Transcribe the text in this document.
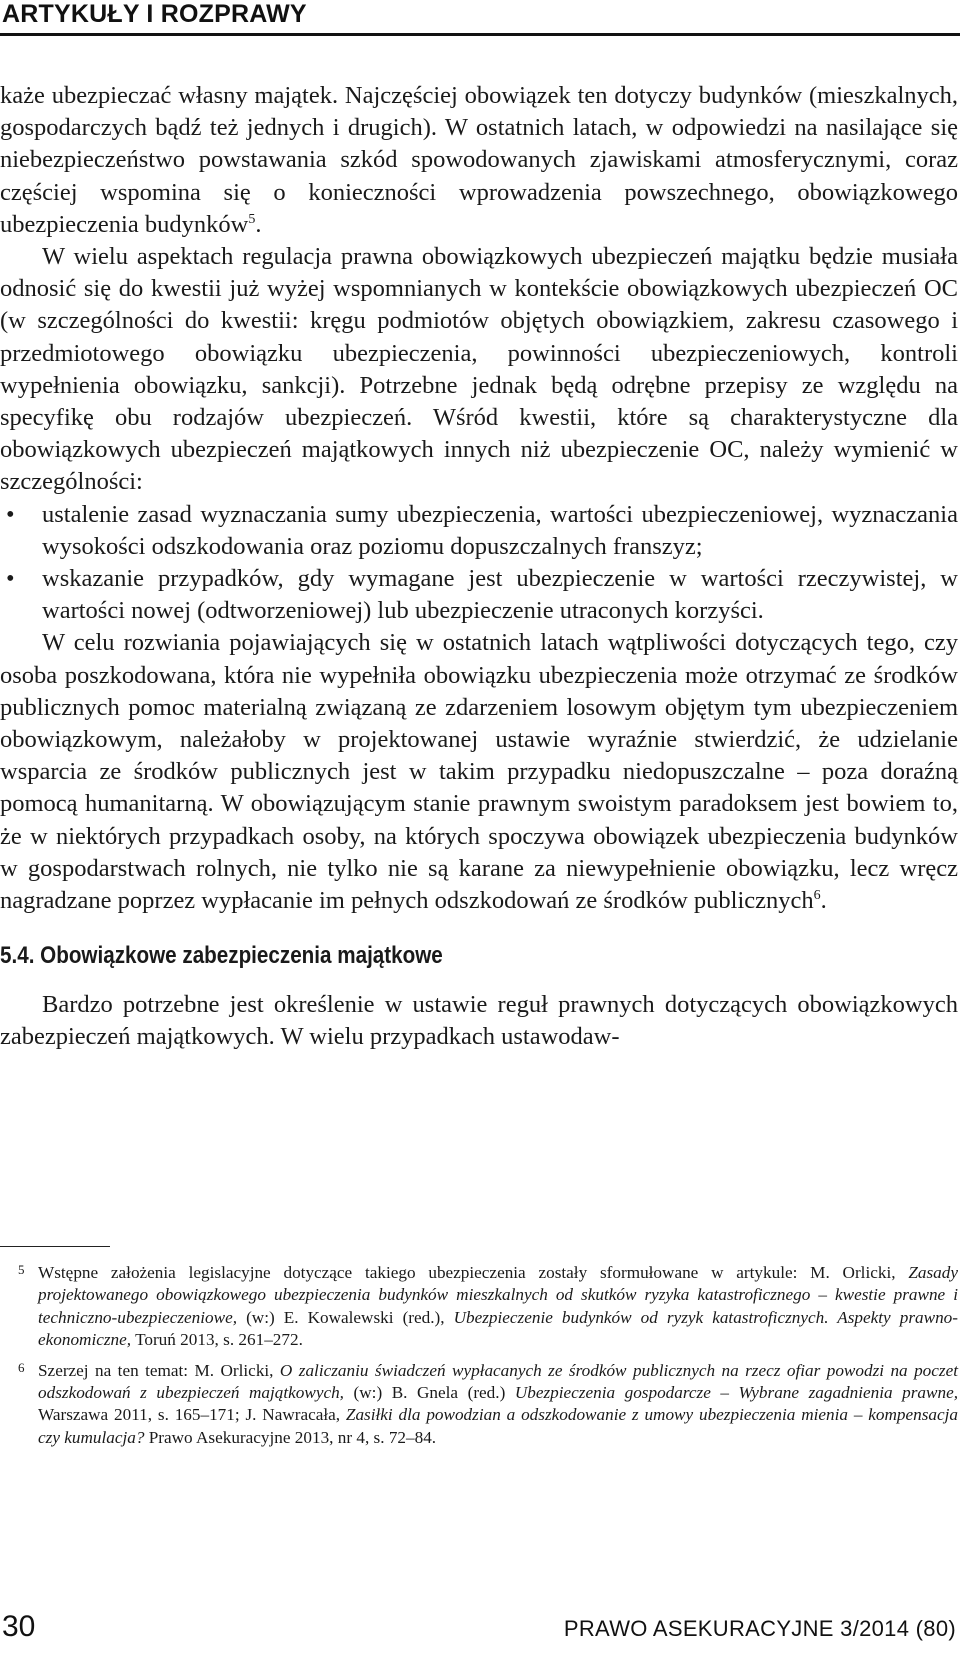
ARTYKUŁY I ROZPRAWY

każe ubezpieczać własny majątek. Najczęściej obowiązek ten dotyczy budynków (mieszkalnych, gospodarczych bądź też jednych i drugich). W ostatnich latach, w odpowiedzi na nasilające się niebezpieczeństwo powstawania szkód spowodowanych zjawiskami atmosferycznymi, coraz częściej wspomina się o konieczności wprowadzenia powszechnego, obowiązkowego ubezpieczenia budynków$^5$.

W wielu aspektach regulacja prawna obowiązkowych ubezpieczeń majątku będzie musiała odnosić się do kwestii już wyżej wspomnianych w kontekście obowiązkowych ubezpieczeń OC (w szczególności do kwestii: kręgu podmiotów objętych obowiązkiem, zakresu czasowego i przedmiotowego obowiązku ubezpieczenia, powinności ubezpieczeniowych, kontroli wypełnienia obowiązku, sankcji). Potrzebne jednak będą odrębne przepisy ze względu na specyfikę obu rodzajów ubezpieczeń. Wśród kwestii, które są charakterystyczne dla obowiązkowych ubezpieczeń majątkowych innych niż ubezpieczenie OC, należy wymienić w szczególności:

• ustalenie zasad wyznaczania sumy ubezpieczenia, wartości ubezpieczeniowej, wyznaczania wysokości odszkodowania oraz poziomu dopuszczalnych franszyz;
• wskazanie przypadków, gdy wymagane jest ubezpieczenie w wartości rzeczywistej, w wartości nowej (odtworzeniowej) lub ubezpieczenie utraconych korzyści.

W celu rozwiania pojawiających się w ostatnich latach wątpliwości dotyczących tego, czy osoba poszkodowana, która nie wypełniła obowiązku ubezpieczenia może otrzymać ze środków publicznych pomoc materialną związaną ze zdarzeniem losowym objętym tym ubezpieczeniem obowiązkowym, należałoby w projektowanej ustawie wyraźnie stwierdzić, że udzielanie wsparcia ze środków publicznych jest w takim przypadku niedopuszczalne – poza doraźną pomocą humanitarną. W obowiązującym stanie prawnym swoistym paradoksem jest bowiem to, że w niektórych przypadkach osoby, na których spoczywa obowiązek ubezpieczenia budynków w gospodarstwach rolnych, nie tylko nie są karane za niewypełnienie obowiązku, lecz wręcz nagradzane poprzez wypłacanie im pełnych odszkodowań ze środków publicznych$^6$.

5.4. Obowiązkowe zabezpieczenia majątkowe

Bardzo potrzebne jest określenie w ustawie reguł prawnych dotyczących obowiązkowych zabezpieczeń majątkowych. W wielu przypadkach ustawodaw-

5 Wstępne założenia legislacyjne dotyczące takiego ubezpieczenia zostały sformułowane w artykule: M. Orlicki, Zasady projektowanego obowiązkowego ubezpieczenia budynków mieszkalnych od skutków ryzyka katastroficznego – kwestie prawne i techniczno-ubezpieczeniowe, (w:) E. Kowalewski (red.), Ubezpieczenie budynków od ryzyk katastroficznych. Aspekty prawno-ekonomiczne, Toruń 2013, s. 261–272.
6 Szerzej na ten temat: M. Orlicki, O zaliczaniu świadczeń wypłacanych ze środków publicznych na rzecz ofiar powodzi na poczet odszkodowań z ubezpieczeń majątkowych, (w:) B. Gnela (red.) Ubezpieczenia gospodarcze – Wybrane zagadnienia prawne, Warszawa 2011, s. 165–171; J. Nawracała, Zasiłki dla powodzian a odszkodowanie z umowy ubezpieczenia mienia – kompensacja czy kumulacja? Prawo Asekuracyjne 2013, nr 4, s. 72–84.
30	PRAWO ASEKURACYJNE 3/2014 (80)
